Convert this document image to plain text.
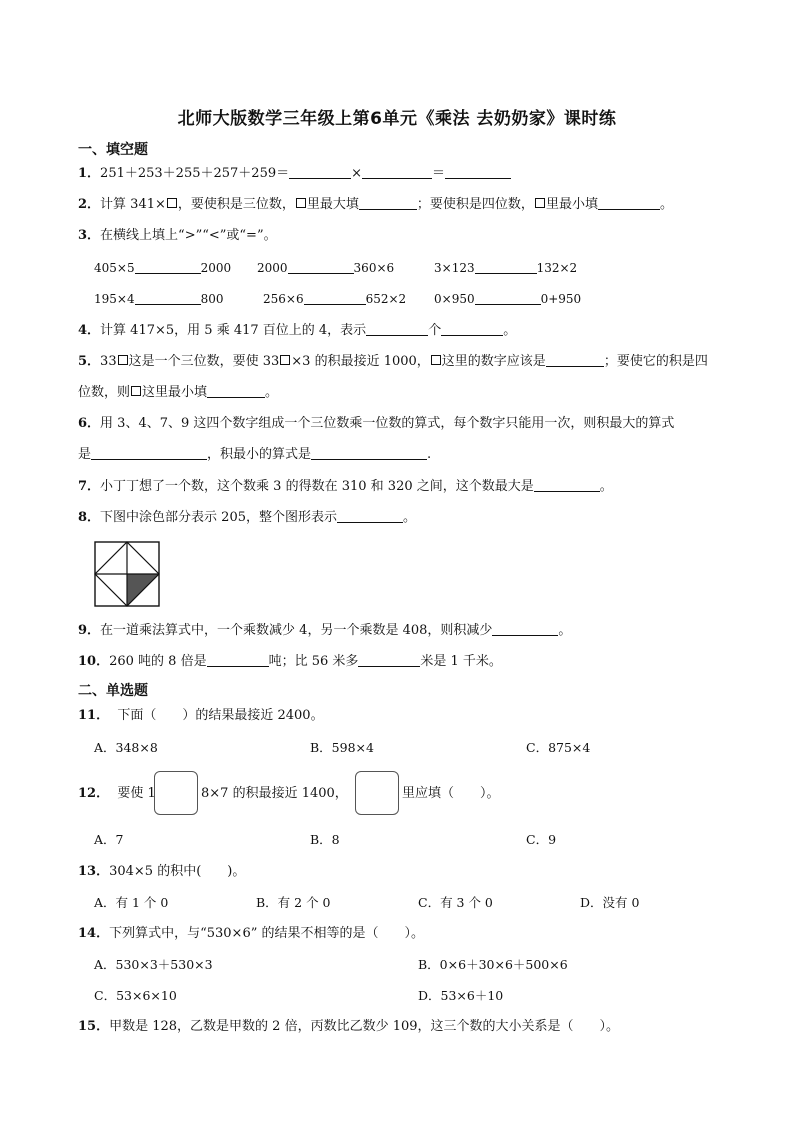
北师大版数学三年级上第6单元《乘法 去奶奶家》课时练
一、填空题
1．251＋253＋255＋257＋259＝	×	＝
2．计算 341× ，要使积是三位数， 里最大填	；要使积是四位数， 里最小填	。
3．在横线上填上“>”“<”或“=”。
405×5	2000 2000	360×6	3×123	132×2
195×4	800	256×6	652×2 0×950	0+950
4．计算 417×5，用 5 乘 417 百位上的 4，表示	个	。
5．33 这是一个三位数，要使 33 ×3 的积最接近 1000， 这里的数字应该是	；要使它的积是四
位数，则 这里最小填	。
6．用 3、4、7、9 这四个数字组成一个三位数乘一位数的算式，每个数字只能用一次，则积最大的算式
是	，积最小的算式是	.
7．小丁丁想了一个数，这个数乘 3 的得数在 310 和 320 之间，这个数最大是	。
8．下图中涂色部分表示 205，整个图形表示	。
9．在一道乘法算式中，一个乘数减少 4，另一个乘数是 408，则积减少	。
10．260 吨的 8 倍是	吨；比 56 米多	米是 1 千米。
二、单选题
11． 下面（　　）的结果最接近 2400。
A．348×8	B．598×4	C．875×4
12． 要使 1	8×7 的积最接近 1400，	里应填（　　）。
A．7	B．8	C．9
13．304×5 的积中(　　)。
A．有 1 个 0	B．有 2 个 0	C．有 3 个 0	D．没有 0
14．下列算式中，与“530×6” 的结果不相等的是（　　）。
A．530×3＋530×3	B．0×6＋30×6＋500×6
C．53×6×10	D．53×6＋10
15．甲数是 128，乙数是甲数的 2 倍，丙数比乙数少 109，这三个数的大小关系是（　　）。
